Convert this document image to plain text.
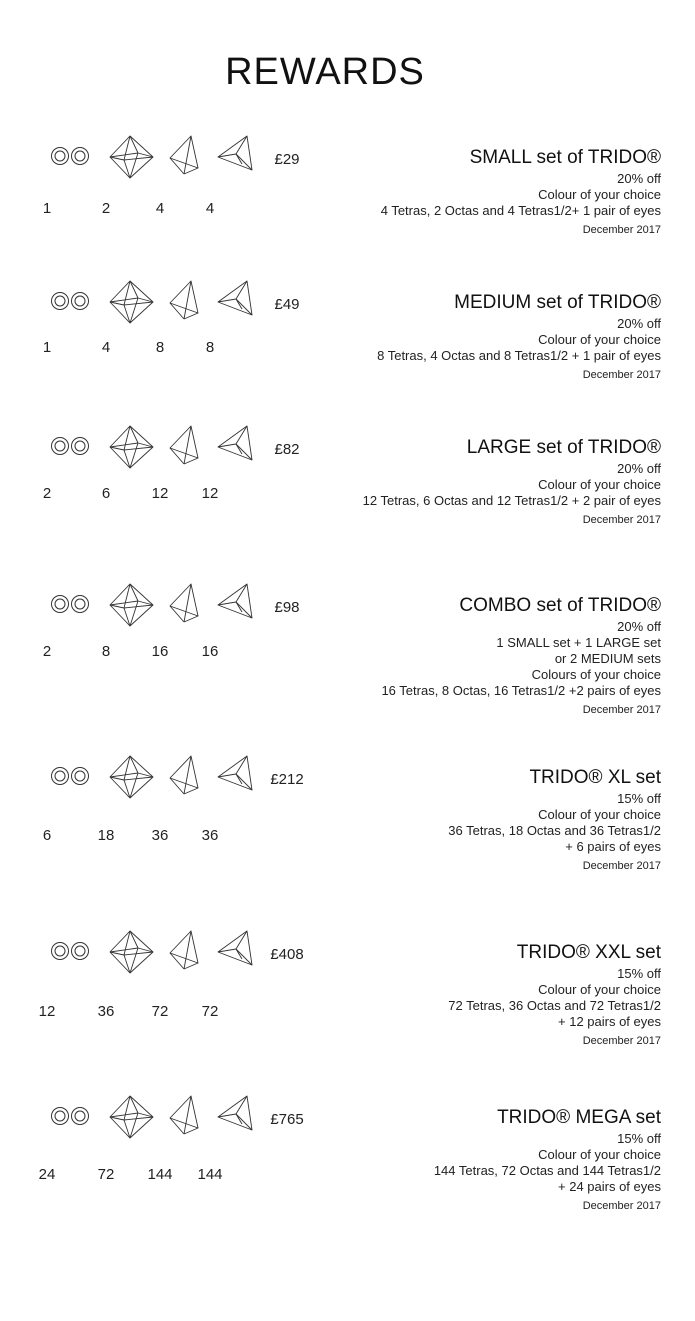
REWARDS
1	2	4	4
£29	SMALL set of TRIDO®
20% off
Colour of your choice
4 Tetras, 2 Octas and 4 Tetras1/2+ 1 pair of eyes
December 2017
1	4	8	8
£49	MEDIUM set of TRIDO®
20% off
Colour of your choice
8 Tetras, 4 Octas and 8 Tetras1/2 + 1 pair of eyes
December 2017
2	6	12	12
£82	LARGE set of TRIDO®
20% off
Colour of your choice
12 Tetras, 6 Octas and 12 Tetras1/2 + 2 pair of eyes
December 2017
2	8	16	16
£98	COMBO set of TRIDO®
20% off
1 SMALL set + 1 LARGE set
or 2 MEDIUM sets
Colours of your choice
16 Tetras, 8 Octas, 16 Tetras1/2 +2 pairs of eyes
December 2017
6	18	36	36
£212	TRIDO® XL set
15% off
Colour of your choice
36 Tetras, 18 Octas and 36 Tetras1/2
+ 6 pairs of eyes
December 2017
12	36	72	72
£408	TRIDO® XXL set
15% off
Colour of your choice
72 Tetras, 36 Octas and 72 Tetras1/2
+ 12 pairs of eyes
December 2017
24	72	144	144
£765	TRIDO® MEGA set
15% off
Colour of your choice
144 Tetras, 72 Octas and 144 Tetras1/2
+ 24 pairs of eyes
December 2017
